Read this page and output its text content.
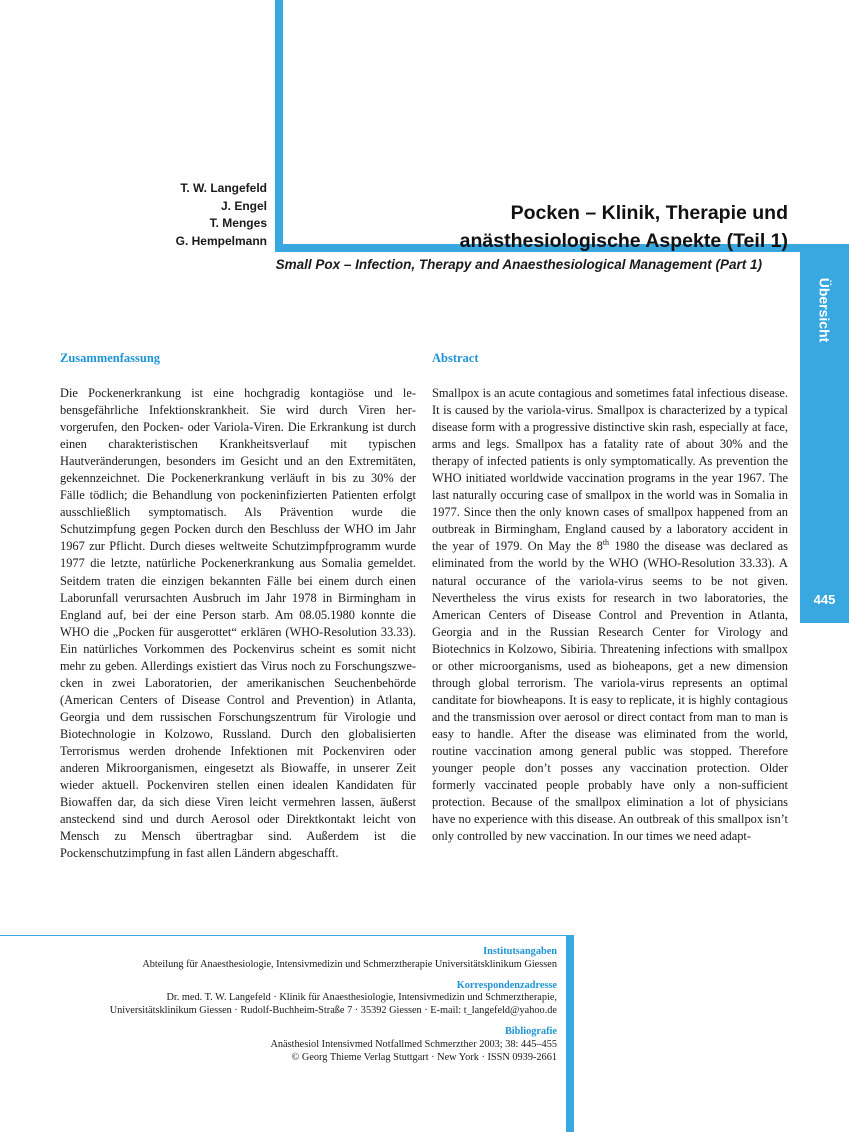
Übersicht
445
T. W. Langefeld
J. Engel
T. Menges
G. Hempelmann
Pocken – Klinik, Therapie und
anästhesiologische Aspekte (Teil 1)
Small Pox – Infection, Therapy and Anaesthesiological Management (Part 1)
Zusammenfassung

Die Pockenerkrankung ist eine hochgradig kontagiöse und lebensgefährliche Infektionskrankheit. Sie wird durch Viren hervorgerufen, den Pocken- oder Variola-Viren. Die Erkrankung ist durch einen charakteristischen Krankheitsverlauf mit typischen Hautveränderungen, besonders im Gesicht und an den Extremitäten, gekennzeichnet. Die Pockenerkrankung verläuft in bis zu 30% der Fälle tödlich; die Behandlung von pockeninfizierten Patienten erfolgt ausschließlich symptomatisch. Als Prävention wurde die Schutzimpfung gegen Pocken durch den Beschluss der WHO im Jahr 1967 zur Pflicht. Durch dieses weltweite Schutzimpfprogramm wurde 1977 die letzte, natürliche Pockenerkrankung aus Somalia gemeldet. Seitdem traten die einzigen bekannten Fälle bei einem durch einen Laborunfall verursachten Ausbruch im Jahr 1978 in Birmingham in England auf, bei der eine Person starb. Am 08.05.1980 konnte die WHO die „Pocken für ausgerottet“ erklären (WHO-Resolution 33.33). Ein natürliches Vorkommen des Pockenvirus scheint es somit nicht mehr zu geben. Allerdings existiert das Virus noch zu Forschungszwecken in zwei Laboratorien, der amerikanischen Seuchenbehörde (American Centers of Disease Control and Prevention) in Atlanta, Georgia und dem russischen Forschungszentrum für Virologie und Biotechnologie in Kolzowo, Russland. Durch den globalisierten Terrorismus werden drohende Infektionen mit Pockenviren oder anderen Mikroorganismen, eingesetzt als Biowaffe, in unserer Zeit wieder aktuell. Pockenviren stellen einen idealen Kandidaten für Biowaffen dar, da sich diese Viren leicht vermehren lassen, äußerst ansteckend sind und durch Aerosol oder Direktkontakt leicht von Mensch zu Mensch übertragbar sind. Außerdem ist die Pockenschutzimpfung in fast allen Ländern abgeschafft.

Abstract

Smallpox is an acute contagious and sometimes fatal infectious disease. It is caused by the variola-virus. Smallpox is characterized by a typical disease form with a progressive distinctive skin rash, especially at face, arms and legs. Smallpox has a fatality rate of about 30% and the therapy of infected patients is only symptomatically. As prevention the WHO initiated worldwide vaccination programs in the year 1967. The last naturally occuring case of smallpox in the world was in Somalia in 1977. Since then the only known cases of smallpox happened from an outbreak in Birmingham, England caused by a laboratory accident in the year of 1979. On May the 8th 1980 the disease was declared as eliminated from the world by the WHO (WHO-Resolution 33.33). A natural occurance of the variola-virus seems to be not given. Nevertheless the virus exists for research in two laboratories, the American Centers of Disease Control and Prevention in Atlanta, Georgia and in the Russian Research Center for Virology and Biotechnics in Kolzowo, Sibiria. Threatening infections with smallpox or other microorganisms, used as bioheapons, get a new dimension through global terrorism. The variola-virus represents an optimal canditate for biowheapons. It is easy to replicate, it is highly contagious and the transmission over aerosol or direct contact from man to man is easy to handle. After the disease was eliminated from the world, routine vaccination among general public was stopped. Therefore younger people don’t posses any vaccination protection. Older formerly vaccinated people probably have only a non-sufficient protection. Because of the smallpox elimination a lot of physicians have no experience with this disease. An outbreak of this smallpox isn’t only controlled by new vaccination. In our times we need adapt-

Institutsangaben
Abteilung für Anaesthesiologie, Intensivmedizin und Schmerztherapie Universitätsklinikum Giessen
Korrespondenzadresse
Dr. med. T. W. Langefeld · Klinik für Anaesthesiologie, Intensivmedizin und Schmerztherapie,
Universitätsklinikum Giessen · Rudolf-Buchheim-Straße 7 · 35392 Giessen · E-mail: t_langefeld@yahoo.de
Bibliografie
Anästhesiol Intensivmed Notfallmed Schmerzther 2003; 38: 445–455
© Georg Thieme Verlag Stuttgart · New York · ISSN 0939-2661
